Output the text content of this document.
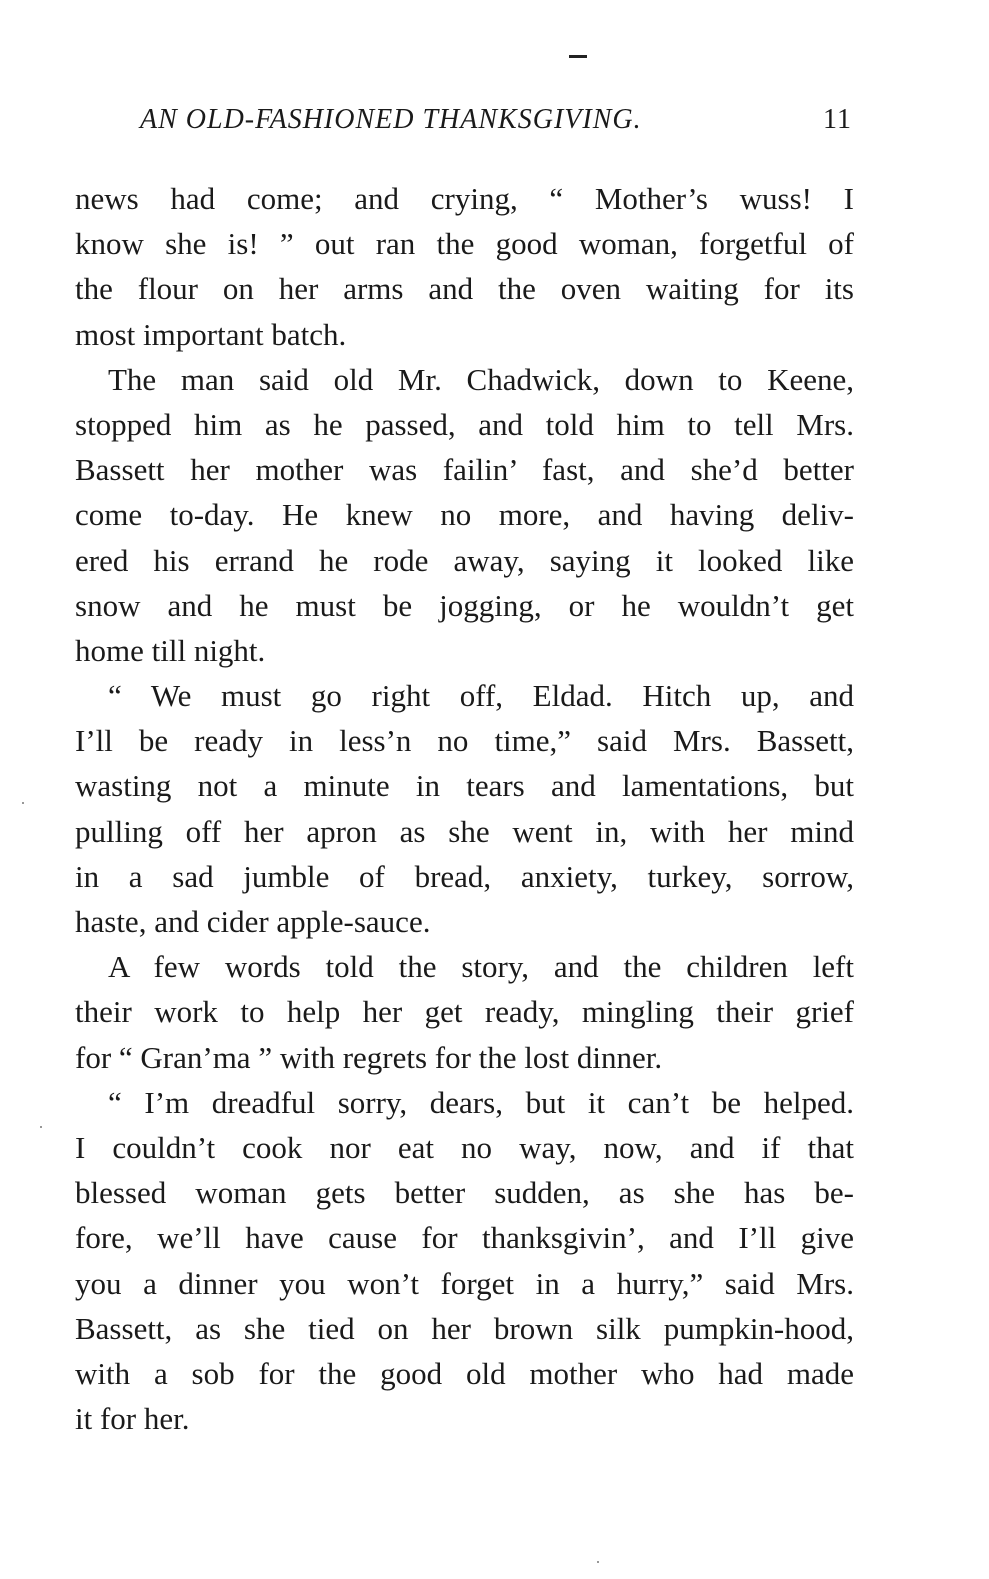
AN OLD-FASHIONED THANKSGIVING.	11
news had come; and crying, “ Mother’s wuss! I
know she is! ” out ran the good woman, forgetful of
the flour on her arms and the oven waiting for its
most important batch.
The man said old Mr. Chadwick, down to Keene,
stopped him as he passed, and told him to tell Mrs.
Bassett her mother was failin’ fast, and she’d better
come to-day. He knew no more, and having deliv-
ered his errand he rode away, saying it looked like
snow and he must be jogging, or he wouldn’t get
home till night.
“ We must go right off, Eldad. Hitch up, and
I’ll be ready in less’n no time,” said Mrs. Bassett,
wasting not a minute in tears and lamentations, but
pulling off her apron as she went in, with her mind
in a sad jumble of bread, anxiety, turkey, sorrow,
haste, and cider apple-sauce.
A few words told the story, and the children left
their work to help her get ready, mingling their grief
for “ Gran’ma ” with regrets for the lost dinner.
“ I’m dreadful sorry, dears, but it can’t be helped.
I couldn’t cook nor eat no way, now, and if that
blessed woman gets better sudden, as she has be-
fore, we’ll have cause for thanksgivin’, and I’ll give
you a dinner you won’t forget in a hurry,” said Mrs.
Bassett, as she tied on her brown silk pumpkin-hood,
with a sob for the good old mother who had made
it for her.
